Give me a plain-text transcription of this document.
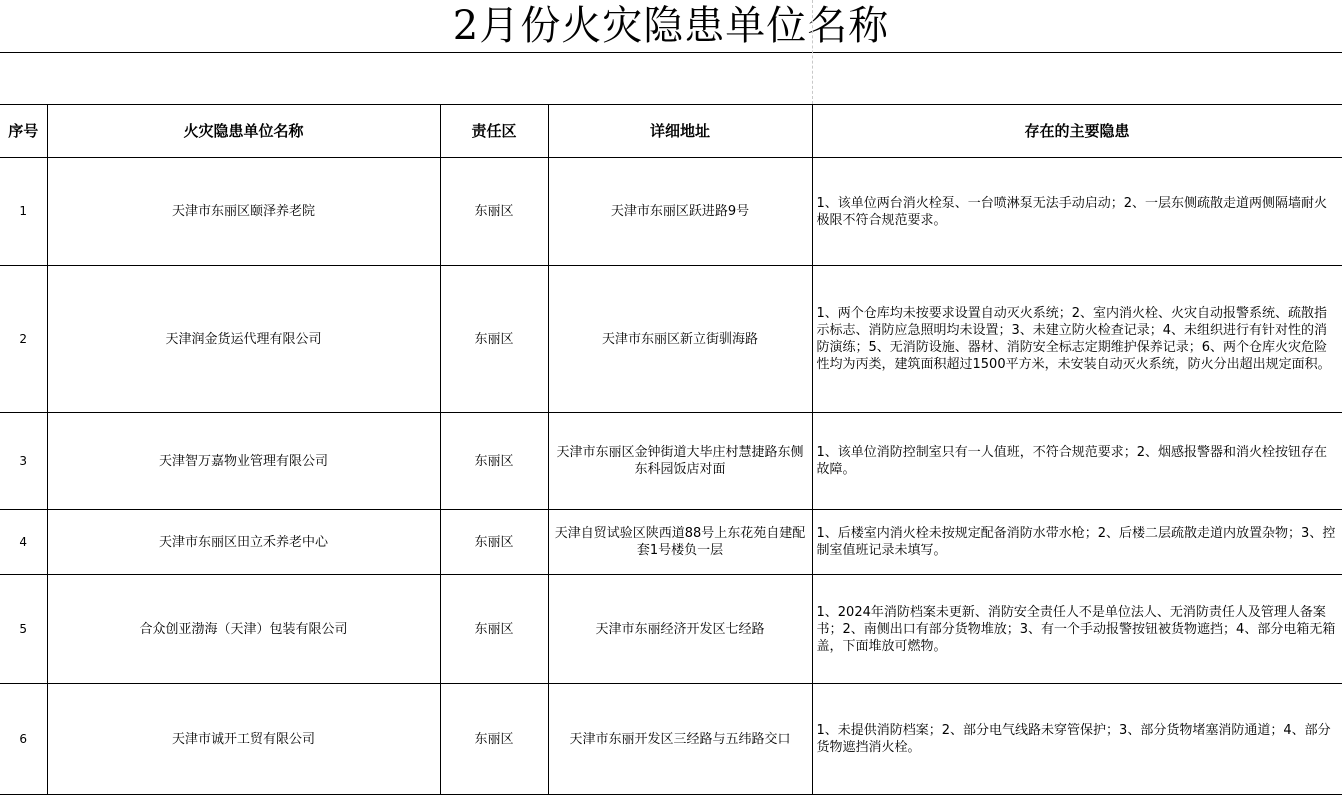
2月份火灾隐患单位名称
序号	火灾隐患单位名称	责任区	详细地址	存在的主要隐患
1	天津市东丽区颐泽养老院	东丽区	天津市东丽区跃进路9号	1、该单位两台消火栓泵、一台喷淋泵无法手动启动；2、一层东侧疏散走道两侧隔墙耐火极限不符合规范要求。
2	天津润金货运代理有限公司	东丽区	天津市东丽区新立街驯海路	1、两个仓库均未按要求设置自动灭火系统；2、室内消火栓、火灾自动报警系统、疏散指示标志、消防应急照明均未设置；3、未建立防火检查记录；4、未组织进行有针对性的消防演练；5、无消防设施、器材、消防安全标志定期维护保养记录；6、两个仓库火灾危险性均为丙类，建筑面积超过1500平方米，未安装自动灭火系统，防火分出超出规定面积。
3	天津智万嘉物业管理有限公司	东丽区	天津市东丽区金钟街道大毕庄村慧捷路东侧东科园饭店对面	1、该单位消防控制室只有一人值班，不符合规范要求；2、烟感报警器和消火栓按钮存在故障。
4	天津市东丽区田立禾养老中心	东丽区	天津自贸试验区陕西道88号上东花苑自建配套1号楼负一层	1、后楼室内消火栓未按规定配备消防水带水枪；2、后楼二层疏散走道内放置杂物；3、控制室值班记录未填写。
5	合众创亚渤海（天津）包装有限公司	东丽区	天津市东丽经济开发区七经路	1、2024年消防档案未更新、消防安全责任人不是单位法人、无消防责任人及管理人备案书；2、南侧出口有部分货物堆放；3、有一个手动报警按钮被货物遮挡；4、部分电箱无箱盖，下面堆放可燃物。
6	天津市诚开工贸有限公司	东丽区	天津市东丽开发区三经路与五纬路交口	1、未提供消防档案；2、部分电气线路未穿管保护；3、部分货物堵塞消防通道；4、部分货物遮挡消火栓。
